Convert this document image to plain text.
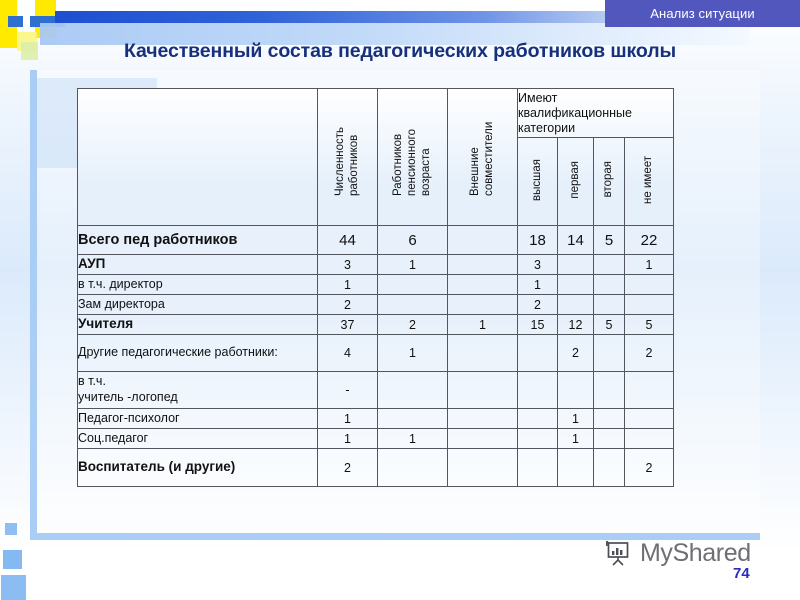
Анализ ситуации
Качественный состав педагогических работников школы

	Численность работников	Работников пенсионного возраста	Внешние совместители	Имеют квалификационные категории			

				высшая	первая	вторая	не имеет

Всего пед работников	44	6		18	14	5	22
АУП	3	1		3			1
в т.ч. директор	1			1			
Зам директора	2			2			
Учителя	37	2	1	15	12	5	5
Другие педагогические работники:	4	1			2		2
в т.ч.
учитель -логопед	-						
Педагог-психолог	1				1		
Соц.педагог	1	1			1		
Воспитатель (и другие)	2						2
MyShared
74
